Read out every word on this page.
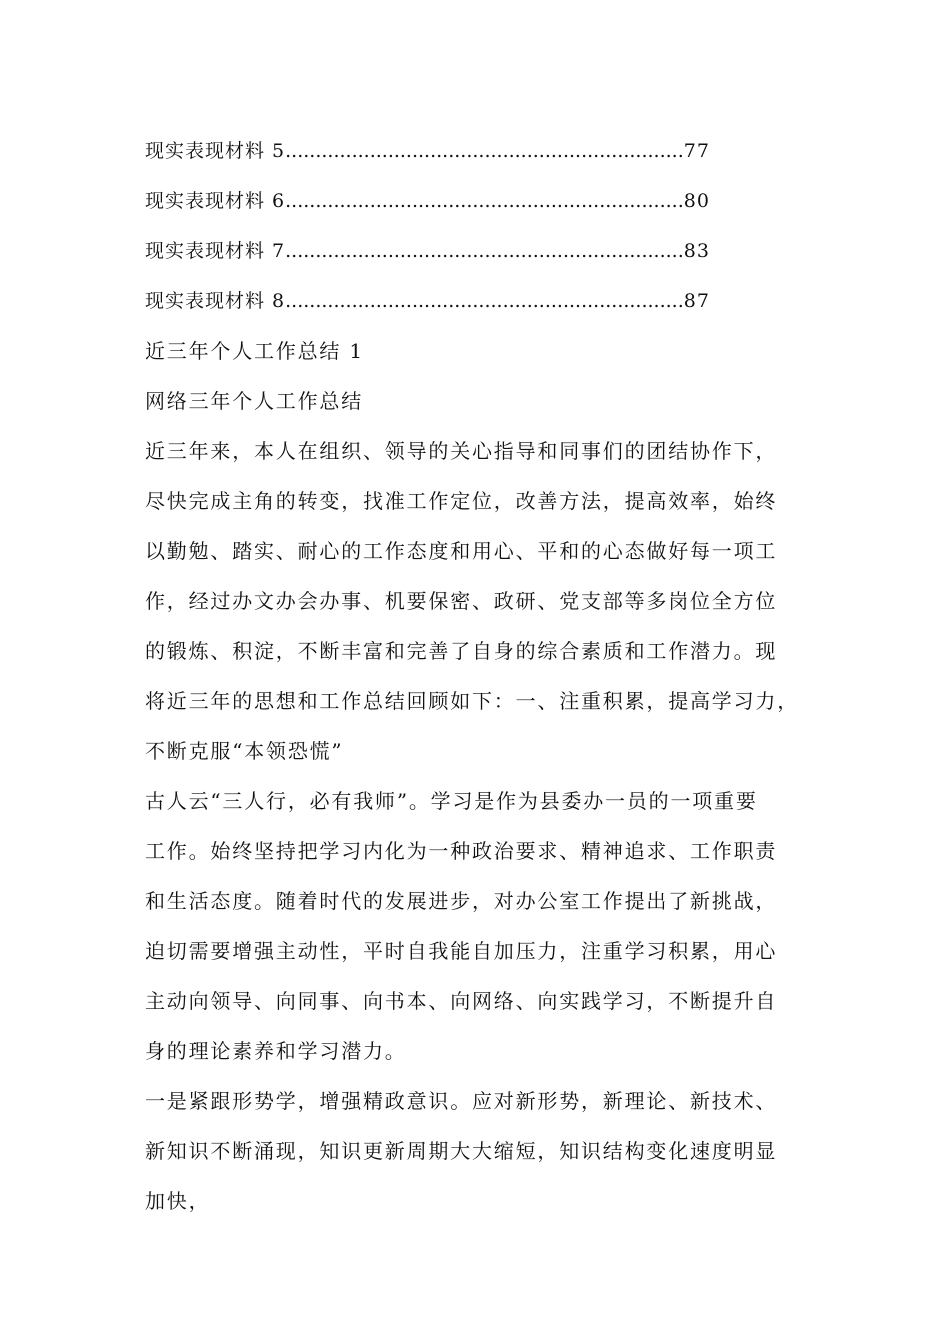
现实表现材料 5..................................................................77
现实表现材料 6..................................................................80
现实表现材料 7..................................................................83
现实表现材料 8..................................................................87
近三年个人工作总结 1
网络三年个人工作总结
近三年来，本人在组织、领导的关心指导和同事们的团结协作下，
尽快完成主角的转变，找准工作定位，改善方法，提高效率，始终
以勤勉、踏实、耐心的工作态度和用心、平和的心态做好每一项工
作，经过办文办会办事、机要保密、政研、党支部等多岗位全方位
的锻炼、积淀，不断丰富和完善了自身的综合素质和工作潜力。现
将近三年的思想和工作总结回顾如下：一、注重积累，提高学习力，
不断克服“本领恐慌”
古人云“三人行，必有我师”。学习是作为县委办一员的一项重要
工作。始终坚持把学习内化为一种政治要求、精神追求、工作职责
和生活态度。随着时代的发展进步，对办公室工作提出了新挑战，
迫切需要增强主动性，平时自我能自加压力，注重学习积累，用心
主动向领导、向同事、向书本、向网络、向实践学习，不断提升自
身的理论素养和学习潜力。
一是紧跟形势学，增强精政意识。应对新形势，新理论、新技术、
新知识不断涌现，知识更新周期大大缩短，知识结构变化速度明显
加快，
